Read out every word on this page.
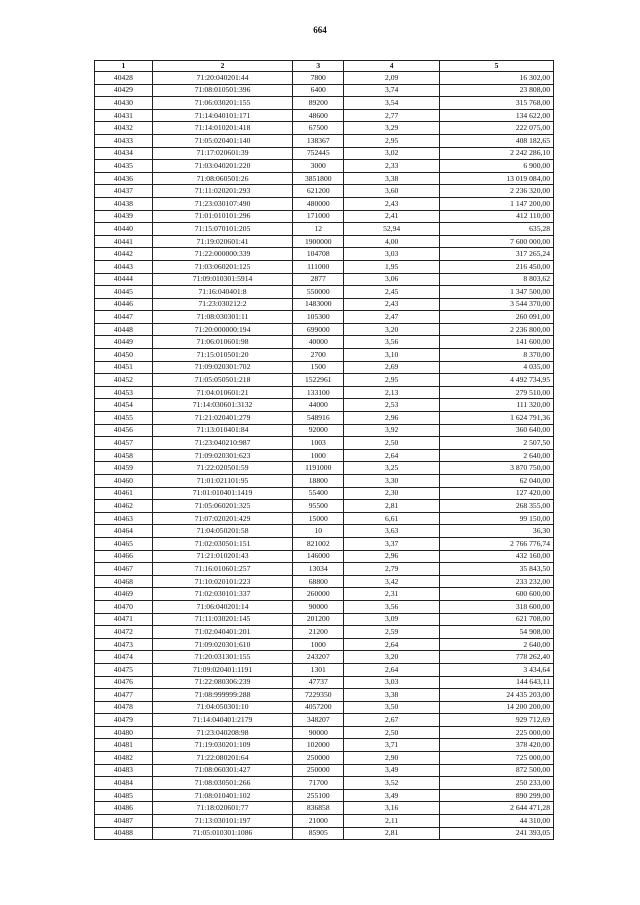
664
1	2	3	4	5
40428	71:20:040201:44	7800	2,09	16 302,00
40429	71:08:010501:396	6400	3,74	23 808,00
40430	71:06:030201:155	89200	3,54	315 768,00
40431	71:14:040101:171	48600	2,77	134 622,00
40432	71:14:010201:418	67500	3,29	222 075,00
40433	71:05:020401:140	138367	2,95	408 182,65
40434	71:17:020601:39	752445	3,02	2 242 286,10
40435	71:03:040201:220	3000	2,33	6 900,00
40436	71:08:060501:26	3851800	3,38	13 019 084,00
40437	71:11:020201:293	621200	3,60	2 236 320,00
40438	71:23:030107:490	480000	2,43	1 147 200,00
40439	71:01:010101:296	171000	2,41	412 110,00
40440	71:15:070101:205	12	52,94	635,28
40441	71:19:020601:41	1900000	4,00	7 600 000,00
40442	71:22:000000:339	104708	3,03	317 265,24
40443	71:03:060201:125	111000	1,95	216 450,00
40444	71:09:010301:5914	2877	3,06	8 803,62
40445	71:16:040401:8	550000	2,45	1 347 500,00
40446	71:23:030212:2	1483000	2,43	3 544 370,00
40447	71:08:030301:11	105300	2,47	260 091,00
40448	71:20:000000:194	699000	3,20	2 236 800,00
40449	71:06:010601:98	40000	3,56	141 600,00
40450	71:15:010501:20	2700	3,10	8 370,00
40451	71:09:020301:702	1500	2,69	4 035,00
40452	71:05:050501:218	1522961	2,95	4 492 734,95
40453	71:04:010601:21	133100	2,13	279 510,00
40454	71:14:030601:3132	44000	2,53	111 320,00
40455	71:21:020401:279	548916	2,96	1 624 791,36
40456	71:13:010401:84	92000	3,92	360 640,00
40457	71:23:040210:987	1003	2,50	2 507,50
40458	71:09:020301:623	1000	2,64	2 640,00
40459	71:22:020501:59	1191000	3,25	3 870 750,00
40460	71:01:021101:95	18800	3,30	62 040,00
40461	71:01:010401:1419	55400	2,30	127 420,00
40462	71:05:060201:325	95500	2,81	268 355,00
40463	71:07:020201:429	15000	6,61	99 150,00
40464	71:04:050201:58	10	3,63	36,30
40465	71:02:030501:151	821002	3,37	2 766 776,74
40466	71:21:010201:43	146000	2,96	432 160,00
40467	71:16:010601:257	13034	2,79	35 843,50
40468	71:10:020101:223	68800	3,42	233 232,00
40469	71:02:030101:337	260000	2,31	600 600,00
40470	71:06:040201:14	90000	3,56	318 600,00
40471	71:11:030201:145	201200	3,09	621 708,00
40472	71:02:040401:201	21200	2,59	54 908,00
40473	71:09:020301:610	1000	2,64	2 640,00
40474	71:20:031301:155	243207	3,20	778 262,40
40475	71:09:020401:1191	1301	2,64	3 434,64
40476	71:22:080306:239	47737	3,03	144 643,11
40477	71:08:999999:288	7229350	3,38	24 435 203,00
40478	71:04:050301:10	4057200	3,50	14 200 200,00
40479	71:14:040401:2179	348207	2,67	929 712,69
40480	71:23:040208:98	90000	2,50	225 000,00
40481	71:19:030201:109	102000	3,71	378 420,00
40482	71:22:080201:64	250000	2,90	725 000,00
40483	71:08:060301:427	250000	3,49	872 500,00
40484	71:08:030501:266	71700	3,52	250 233,00
40485	71:08:010401:102	255100	3,49	890 299,00
40486	71:18:020601:77	836858	3,16	2 644 471,28
40487	71:13:030101:197	21000	2,11	44 310,00
40488	71:05:010301:1086	85905	2,81	241 393,05
